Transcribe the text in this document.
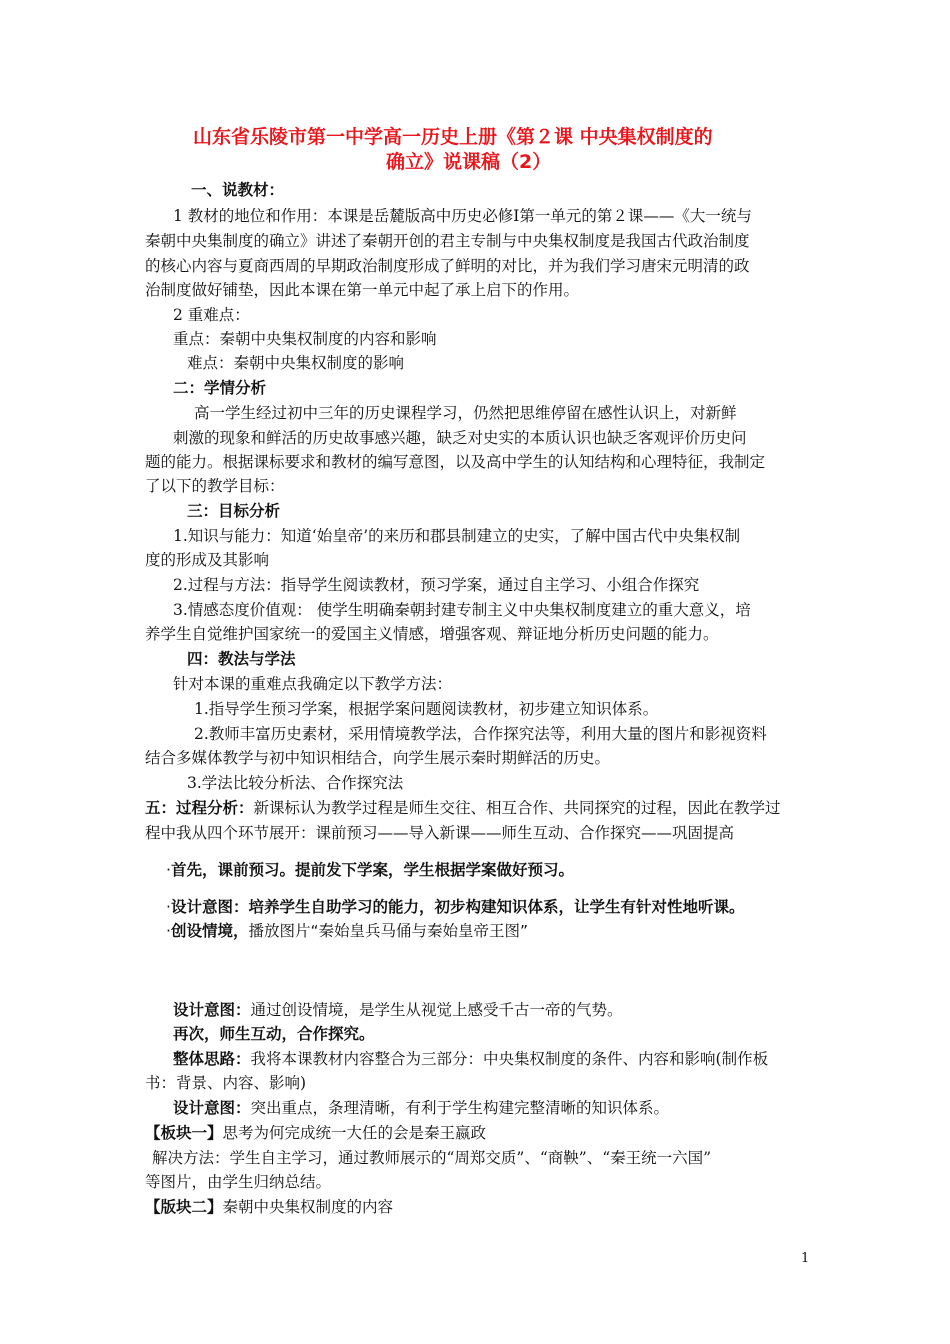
山东省乐陵市第一中学高一历史上册《第２课 中央集权制度的
确立》说课稿（2）
一、说教材：
1 教材的地位和作用：本课是岳麓版高中历史必修Ⅰ第一单元的第２课——《大一统与
秦朝中央集制度的确立》讲述了秦朝开创的君主专制与中央集权制度是我国古代政治制度
的核心内容与夏商西周的早期政治制度形成了鲜明的对比，并为我们学习唐宋元明清的政
治制度做好铺垫，因此本课在第一单元中起了承上启下的作用。
2 重难点：
重点：秦朝中央集权制度的内容和影响
难点：秦朝中央集权制度的影响
二：学情分析
高一学生经过初中三年的历史课程学习，仍然把思维停留在感性认识上，对新鲜
刺激的现象和鲜活的历史故事感兴趣，缺乏对史实的本质认识也缺乏客观评价历史问
题的能力。根据课标要求和教材的编写意图，以及高中学生的认知结构和心理特征，我制定
了以下的教学目标：
三：目标分析
1.知识与能力：知道‘始皇帝’的来历和郡县制建立的史实，了解中国古代中央集权制
度的形成及其影响
2.过程与方法：指导学生阅读教材，预习学案，通过自主学习、小组合作探究
3.情感态度价值观： 使学生明确秦朝封建专制主义中央集权制度建立的重大意义，培
养学生自觉维护国家统一的爱国主义情感，增强客观、辩证地分析历史问题的能力。
四：教法与学法
针对本课的重难点我确定以下教学方法：
1.指导学生预习学案，根据学案问题阅读教材，初步建立知识体系。
2.教师丰富历史素材，采用情境教学法，合作探究法等，利用大量的图片和影视资料
结合多媒体教学与初中知识相结合，向学生展示秦时期鲜活的历史。
3.学法比较分析法、合作探究法
五：过程分析：新课标认为教学过程是师生交往、相互合作、共同探究的过程，因此在教学过
程中我从四个环节展开：课前预习——导入新课——师生互动、合作探究——巩固提高
·首先，课前预习。提前发下学案，学生根据学案做好预习。
·设计意图：培养学生自助学习的能力，初步构建知识体系，让学生有针对性地听课。
·创设情境，播放图片“秦始皇兵马俑与秦始皇帝王图”
设计意图：通过创设情境，是学生从视觉上感受千古一帝的气势。
再次，师生互动，合作探究。
整体思路：我将本课教材内容整合为三部分：中央集权制度的条件、内容和影响(制作板
书：背景、内容、影响)
设计意图：突出重点，条理清晰，有利于学生构建完整清晰的知识体系。
【板块一】思考为何完成统一大任的会是秦王嬴政
解决方法：学生自主学习，通过教师展示的“周郑交质”、“商鞅”、“秦王统一六国”
等图片，由学生归纳总结。
【版块二】秦朝中央集权制度的内容
1
